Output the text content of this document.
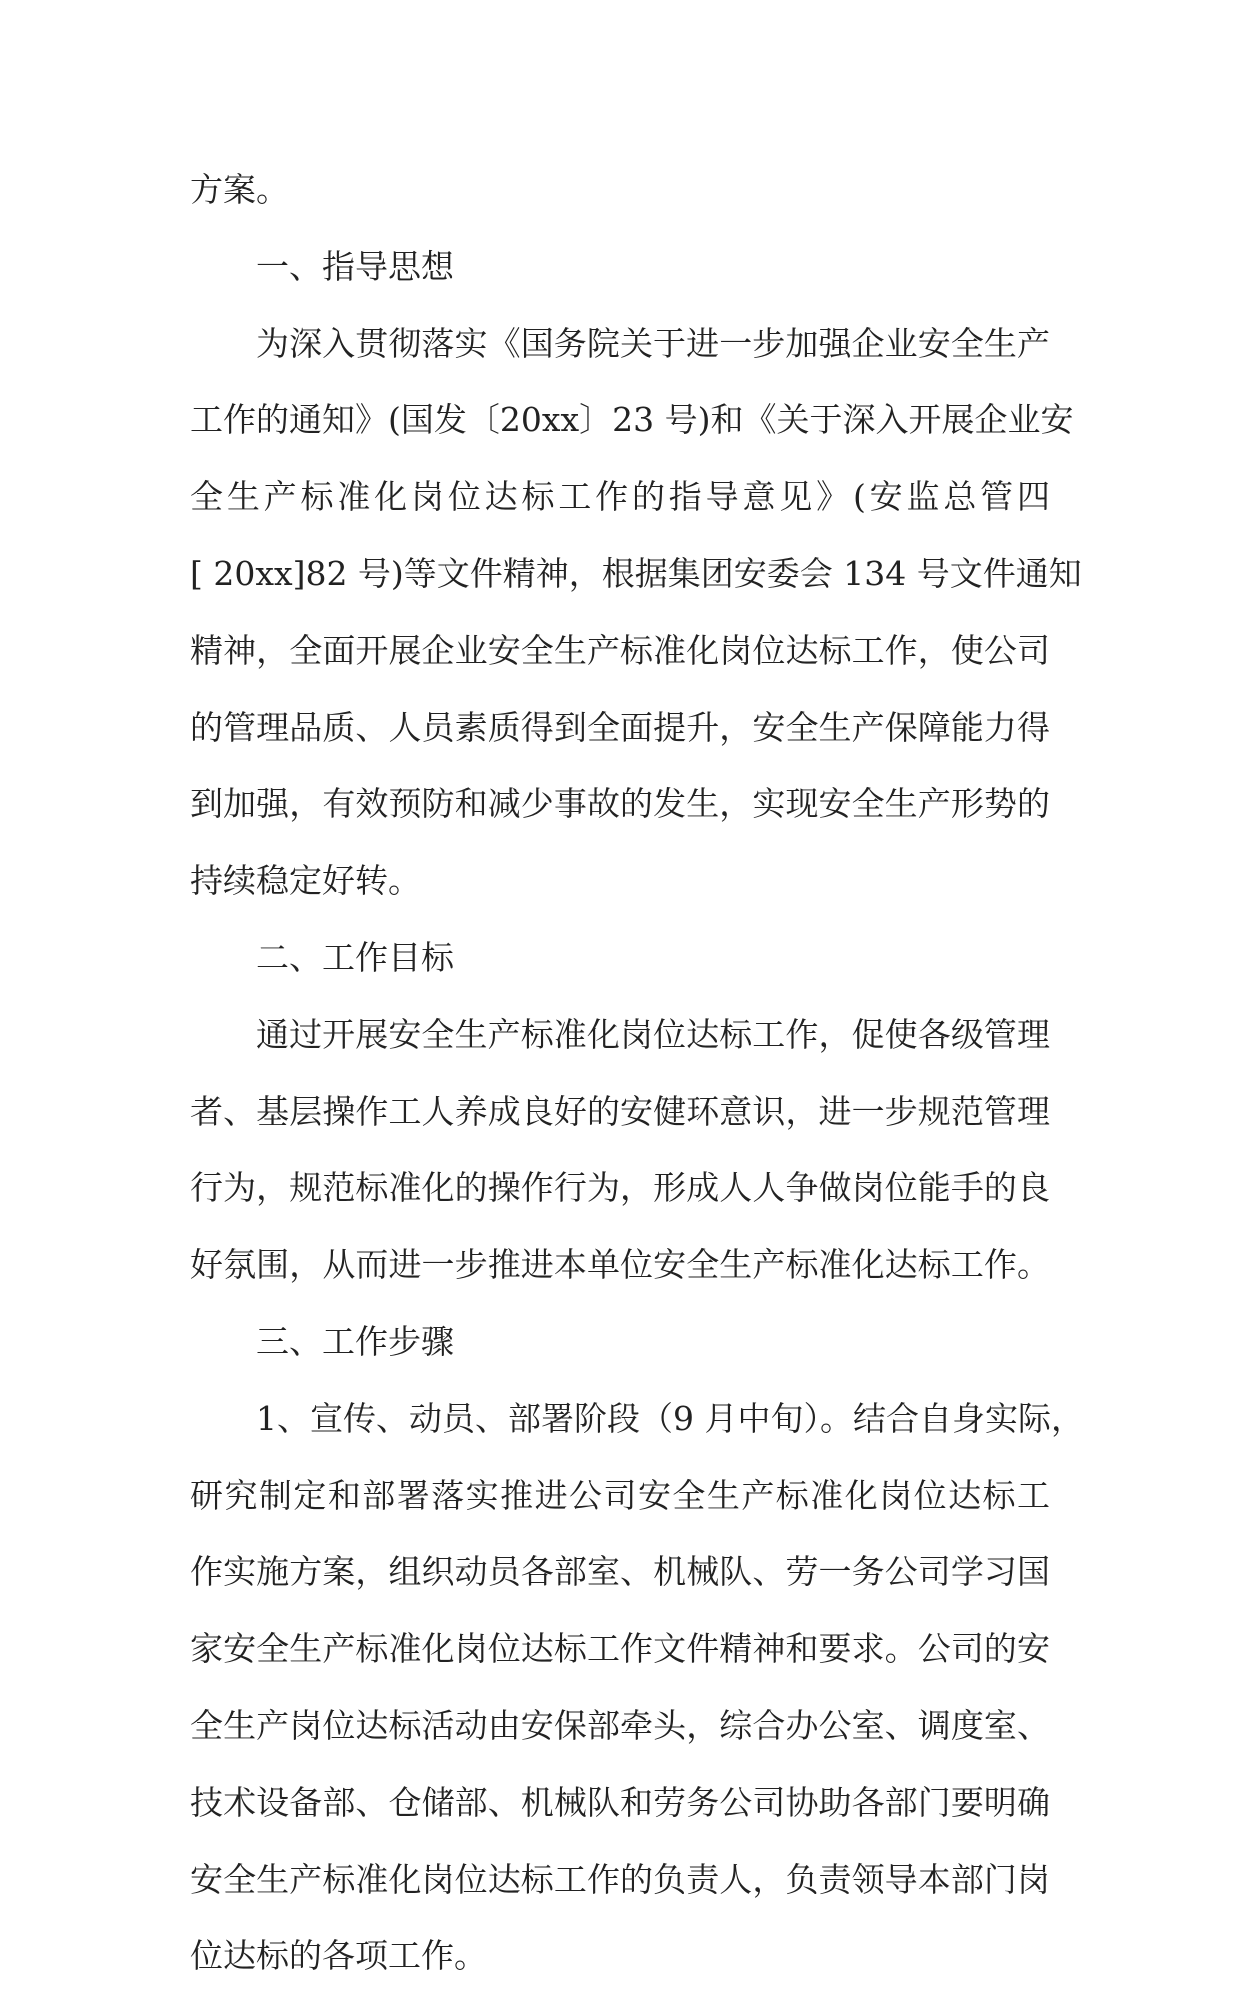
方案。
一、指导思想
为深入贯彻落实《国务院关于进一步加强企业安全生产
工作的通知》(国发〔20xx〕23 号)和《关于深入开展企业安
全生产标准化岗位达标工作的指导意见》(安监总管四
[ 20xx]82 号)等文件精神，根据集团安委会 134 号文件通知
精神，全面开展企业安全生产标准化岗位达标工作，使公司
的管理品质、人员素质得到全面提升，安全生产保障能力得
到加强，有效预防和减少事故的发生，实现安全生产形势的
持续稳定好转。
二、工作目标
通过开展安全生产标准化岗位达标工作，促使各级管理
者、基层操作工人养成良好的安健环意识，进一步规范管理
行为，规范标准化的操作行为，形成人人争做岗位能手的良
好氛围，从而进一步推进本单位安全生产标准化达标工作。
三、工作步骤
1、宣传、动员、部署阶段（9 月中旬）。结合自身实际，
研究制定和部署落实推进公司安全生产标准化岗位达标工
作实施方案，组织动员各部室、机械队、劳一务公司学习国
家安全生产标准化岗位达标工作文件精神和要求。公司的安
全生产岗位达标活动由安保部牵头，综合办公室、调度室、
技术设备部、仓储部、机械队和劳务公司协助各部门要明确
安全生产标准化岗位达标工作的负责人，负责领导本部门岗
位达标的各项工作。
